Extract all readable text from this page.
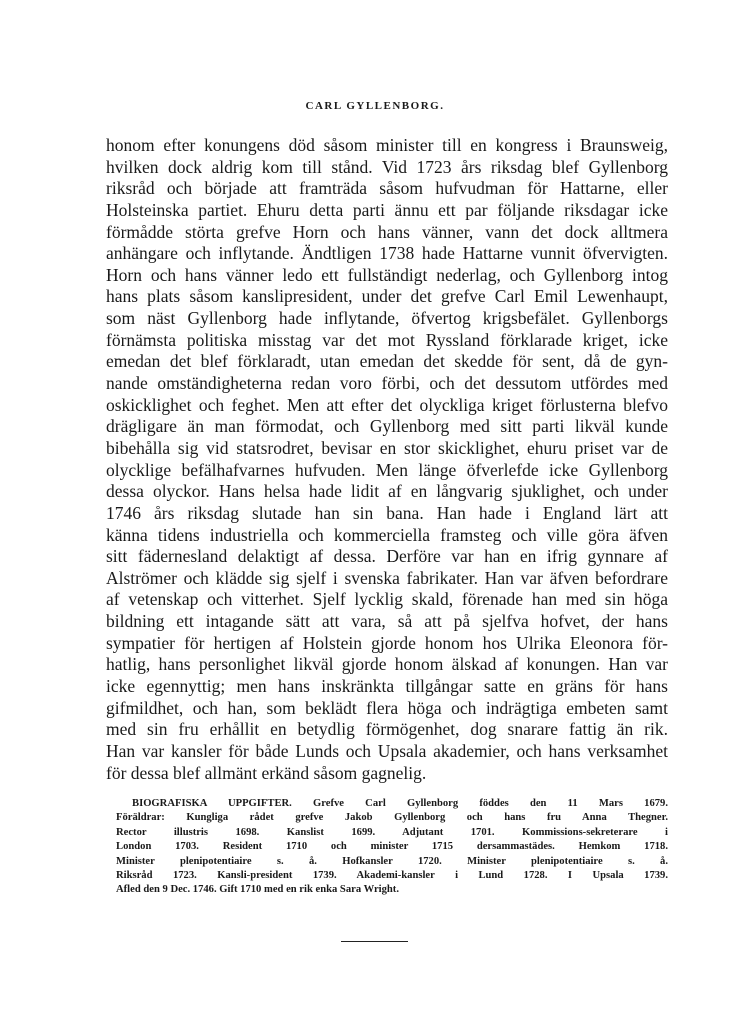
CARL GYLLENBORG.
honom efter konungens död såsom minister till en kongress i Braunsweig,
hvilken dock aldrig kom till stånd. Vid 1723 års riksdag blef Gyllenborg
riksråd och började att framträda såsom hufvudman för Hattarne, eller
Holsteinska partiet. Ehuru detta parti ännu ett par följande riksdagar icke
förmådde störta grefve Horn och hans vänner, vann det dock alltmera
anhängare och inflytande. Ändtligen 1738 hade Hattarne vunnit öfvervigten.
Horn och hans vänner ledo ett fullständigt nederlag, och Gyllenborg intog
hans plats såsom kanslipresident, under det grefve Carl Emil Lewenhaupt,
som näst Gyllenborg hade inflytande, öfvertog krigsbefälet. Gyllenborgs
förnämsta politiska misstag var det mot Ryssland förklarade kriget, icke
emedan det blef förklaradt, utan emedan det skedde för sent, då de gyn-
nande omständigheterna redan voro förbi, och det dessutom utfördes med
oskicklighet och feghet. Men att efter det olyckliga kriget förlusterna blefvo
drägligare än man förmodat, och Gyllenborg med sitt parti likväl kunde
bibehålla sig vid statsrodret, bevisar en stor skicklighet, ehuru priset var de
olycklige befälhafvarnes hufvuden. Men länge öfverlefde icke Gyllenborg
dessa olyckor. Hans helsa hade lidit af en långvarig sjuklighet, och under
1746 års riksdag slutade han sin bana. Han hade i England lärt att
känna tidens industriella och kommerciella framsteg och ville göra äfven
sitt fädernesland delaktigt af dessa. Derföre var han en ifrig gynnare af
Alströmer och klädde sig sjelf i svenska fabrikater. Han var äfven befordrare
af vetenskap och vitterhet. Sjelf lycklig skald, förenade han med sin höga
bildning ett intagande sätt att vara, så att på sjelfva hofvet, der hans
sympatier för hertigen af Holstein gjorde honom hos Ulrika Eleonora för-
hatlig, hans personlighet likväl gjorde honom älskad af konungen. Han var
icke egennyttig; men hans inskränkta tillgångar satte en gräns för hans
gifmildhet, och han, som beklädt flera höga och indrägtiga embeten samt
med sin fru erhållit en betydlig förmögenhet, dog snarare fattig än rik.
Han var kansler för både Lunds och Upsala akademier, och hans verksamhet
för dessa blef allmänt erkänd såsom gagnelig.
BIOGRAFISKA UPPGIFTER. Grefve Carl Gyllenborg föddes den 11 Mars 1679.
Föräldrar: Kungliga rådet grefve Jakob Gyllenborg och hans fru Anna Thegner.
Rector illustris 1698. Kanslist 1699. Adjutant 1701. Kommissions-sekreterare i
London 1703. Resident 1710 och minister 1715 dersammastädes. Hemkom 1718.
Minister plenipotentiaire s. å. Hofkansler 1720. Minister plenipotentiaire s. å.
Riksråd 1723. Kansli-president 1739. Akademi-kansler i Lund 1728. I Upsala 1739.
Afled den 9 Dec. 1746. Gift 1710 med en rik enka Sara Wright.
